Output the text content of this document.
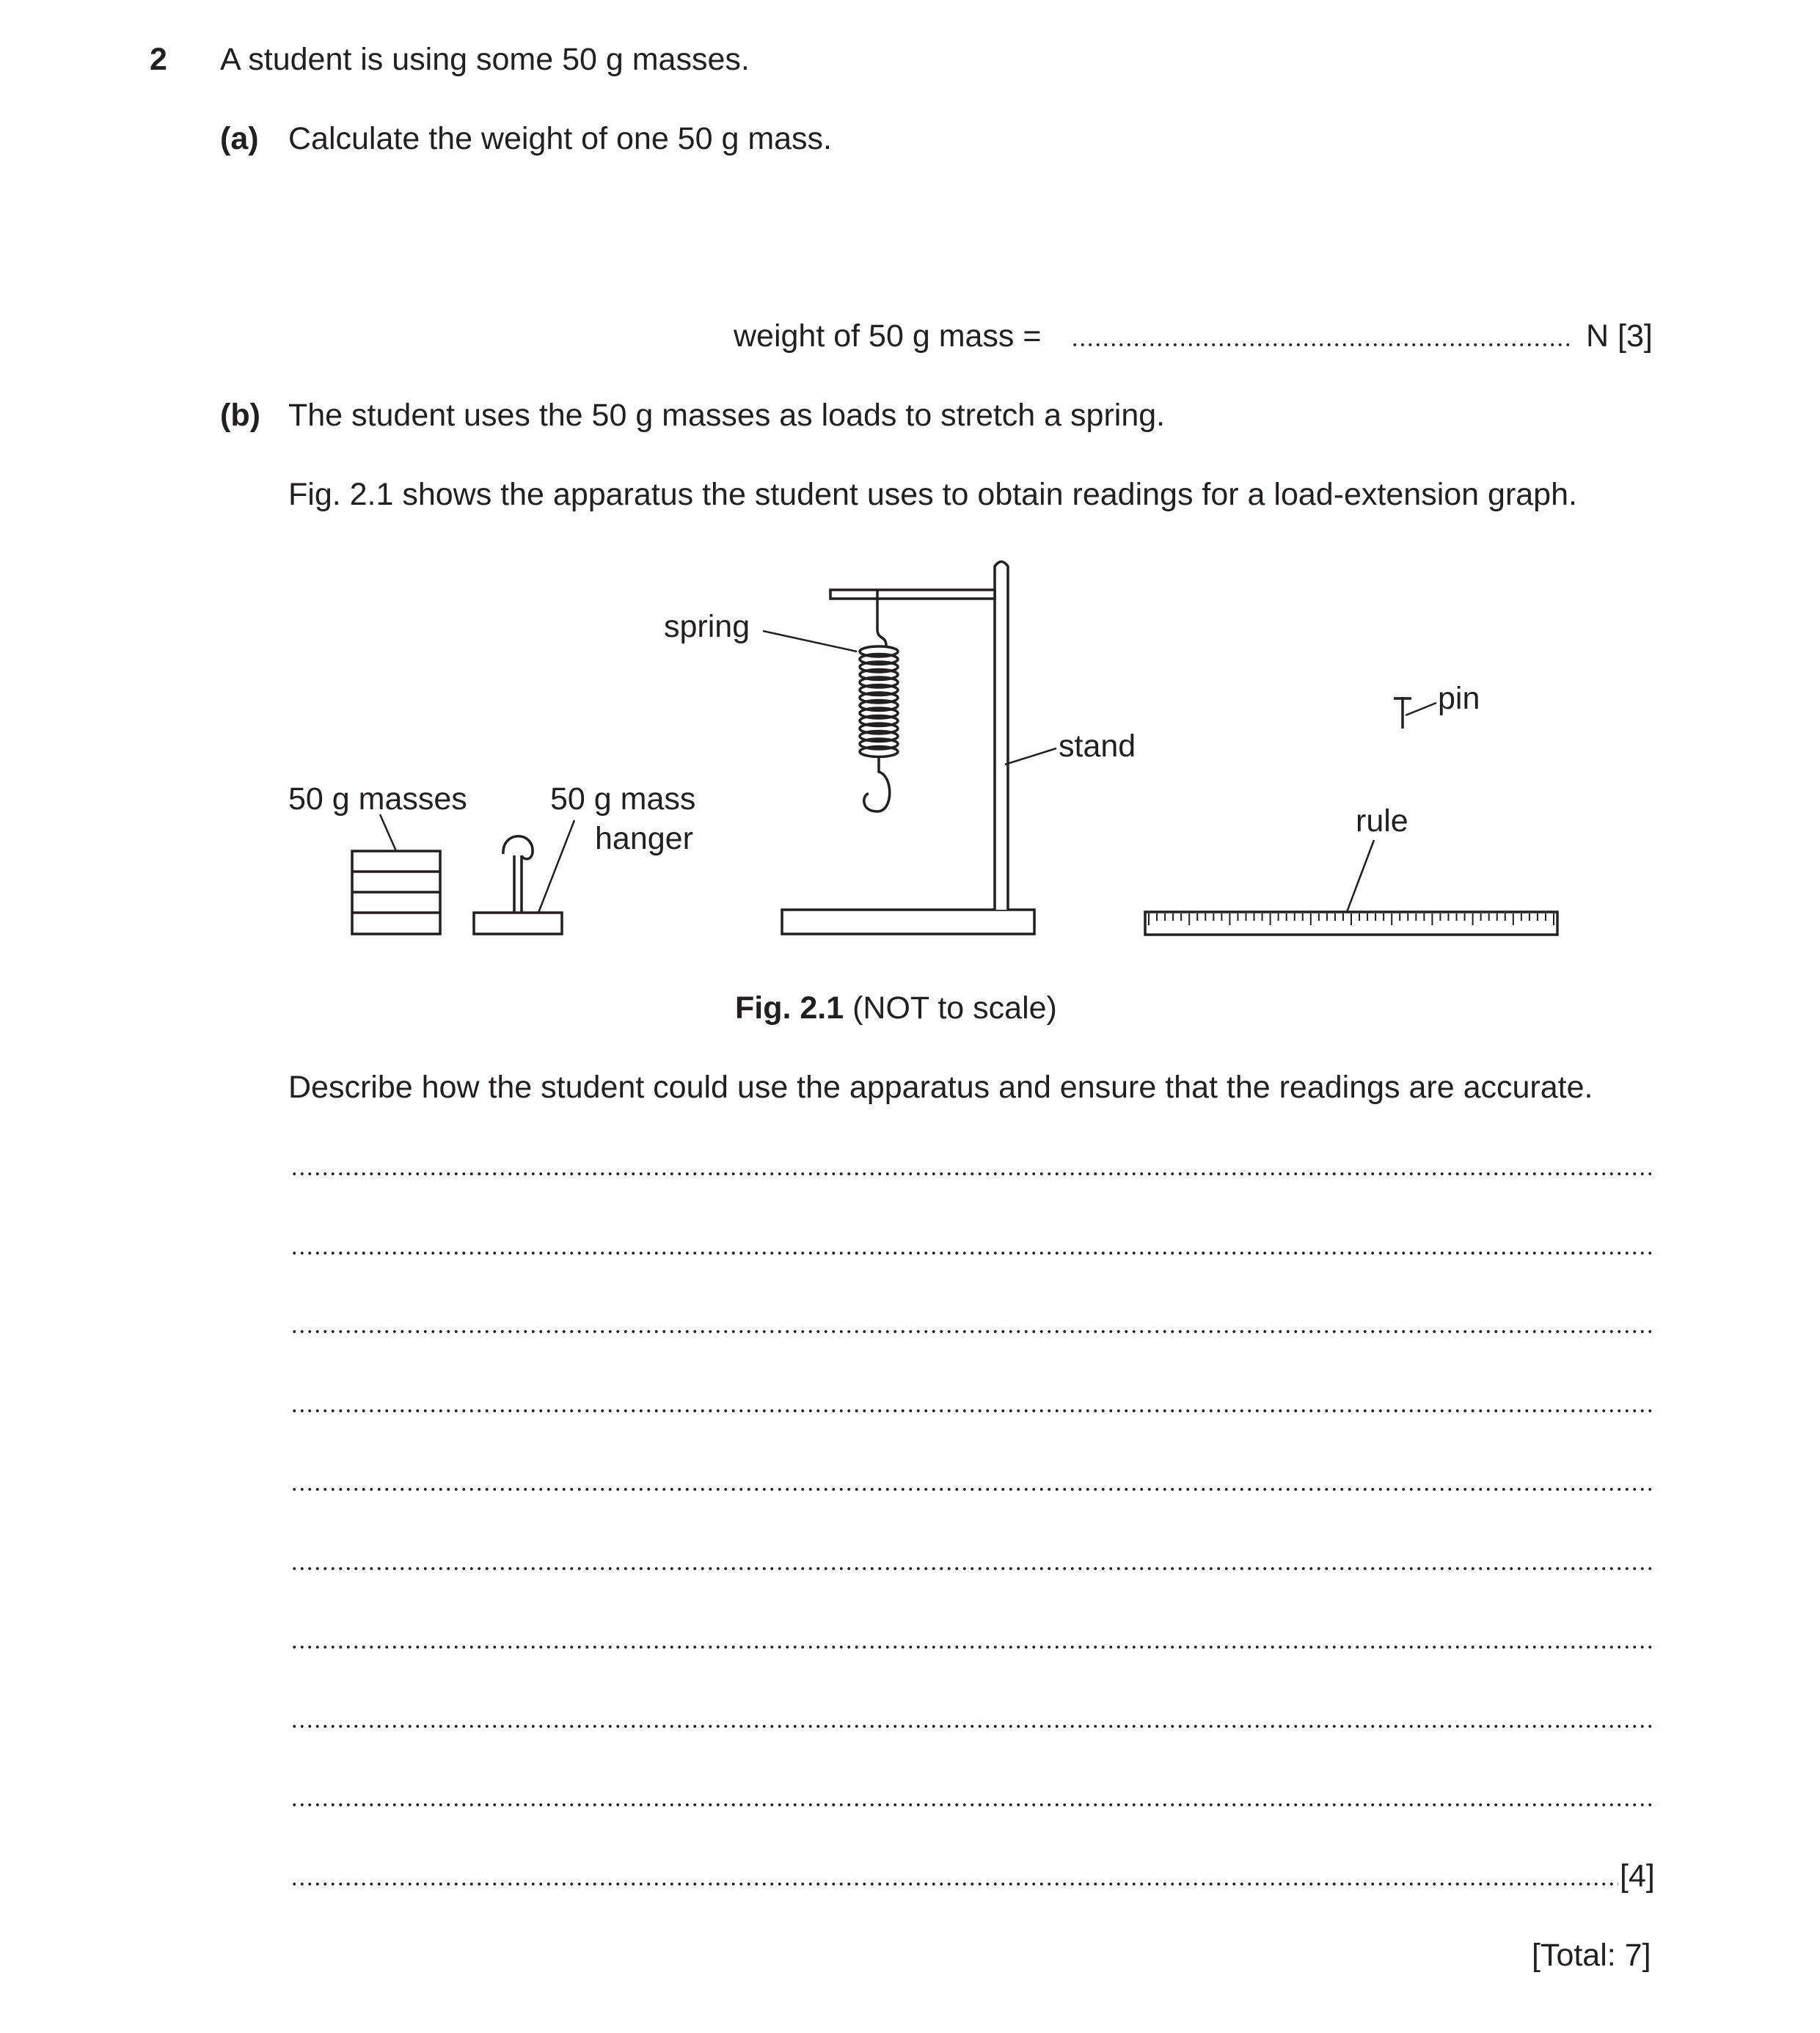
2 A student is using some 50 g masses.
(a) Calculate the weight of one 50 g mass.
weight of 50 g mass =	N [3]
(b) The student uses the 50 g masses as loads to stretch a spring.
Fig. 2.1 shows the apparatus the student uses to obtain readings for a load-extension graph.
spring
stand
pin
rule
50 g masses	50 g mass
hanger
Fig. 2.1 (NOT to scale)
Describe how the student could use the apparatus and ensure that the readings are accurate.
[4]
[Total: 7]
